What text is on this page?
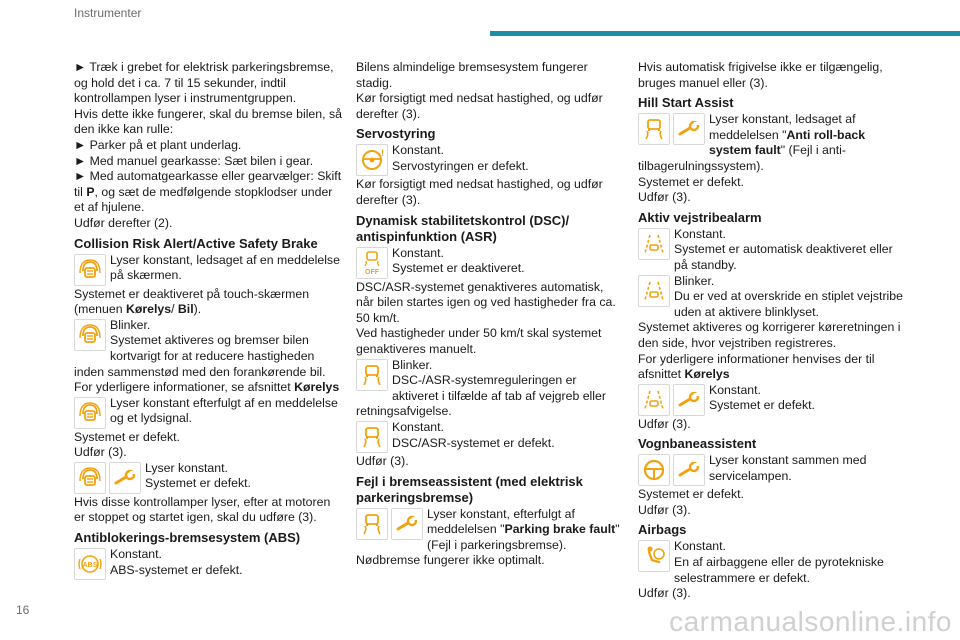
Instrumenter

► Træk i grebet for elektrisk parkeringsbremse, og hold det i ca. 7 til 15 sekunder, indtil kontrollampen lyser i instrumentgruppen.

Hvis dette ikke fungerer, skal du bremse bilen, så den ikke kan rulle:

► Parker på et plant underlag.

► Med manuel gearkasse: Sæt bilen i gear.

► Med automatgearkasse eller gearvælger: Skift til P, og sæt de medfølgende stopklodser under et af hjulene.

Udfør derefter (2).

Collision Risk Alert/Active Safety Brake

Lyser konstant, ledsaget af en meddelelse på skærmen.

Systemet er deaktiveret på touch-skærmen (menuen Kørelys/ Bil).

Blinker.

Systemet aktiveres og bremser bilen kortvarigt for at reducere hastigheden inden sammenstød med den forankørende bil.

For yderligere informationer, se afsnittet Kørelys

Lyser konstant efterfulgt af en meddelelse og et lydsignal.

Systemet er defekt.

Udfør (3).

Lyser konstant.

Systemet er defekt.

Hvis disse kontrollamper lyser, efter at motoren er stoppet og startet igen, skal du udføre (3).

Antiblokerings-bremsesystem (ABS)
ABS

Konstant.

ABS-systemet er defekt.

Bilens almindelige bremsesystem fungerer stadig.

Kør forsigtigt med nedsat hastighed, og udfør derefter (3).

Servostyring

Konstant.

Servostyringen er defekt.

Kør forsigtigt med nedsat hastighed, og udfør derefter (3).

Dynamisk stabilitetskontrol (DSC)/ antispinfunktion (ASR)
OFF

Konstant.

Systemet er deaktiveret.

DSC/ASR-systemet genaktiveres automatisk, når bilen startes igen og ved hastigheder fra ca. 50 km/t.

Ved hastigheder under 50 km/t skal systemet genaktiveres manuelt.

Blinker.

DSC-/ASR-systemreguleringen er aktiveret i tilfælde af tab af vejgreb eller retningsafvigelse.

Konstant.

DSC/ASR-systemet er defekt.

Udfør (3).

Fejl i bremseassistent (med elektrisk parkeringsbremse)

Lyser konstant, efterfulgt af meddelelsen "Parking brake fault" (Fejl i parkeringsbremse).

Nødbremse fungerer ikke optimalt.

Hvis automatisk frigivelse ikke er tilgængelig, bruges manuel eller (3).

Hill Start Assist

Lyser konstant, ledsaget af meddelelsen "Anti roll-back system fault" (Fejl i anti-tilbagerulningssystem).

Systemet er defekt.

Udfør (3).

Aktiv vejstribealarm

Konstant.

Systemet er automatisk deaktiveret eller på standby.

Blinker.

Du er ved at overskride en stiplet vejstribe uden at aktivere blinklyset.

Systemet aktiveres og korrigerer køreretningen i den side, hvor vejstriben registreres.

For yderligere informationer henvises der til afsnittet Kørelys

Konstant.

Systemet er defekt.

Udfør (3).

Vognbaneassistent

Lyser konstant sammen med servicelampen.

Systemet er defekt.

Udfør (3).

Airbags

Konstant.

En af airbaggene eller de pyrotekniske selestrammere er defekt.

Udfør (3).

16	carmanualsonline.info
